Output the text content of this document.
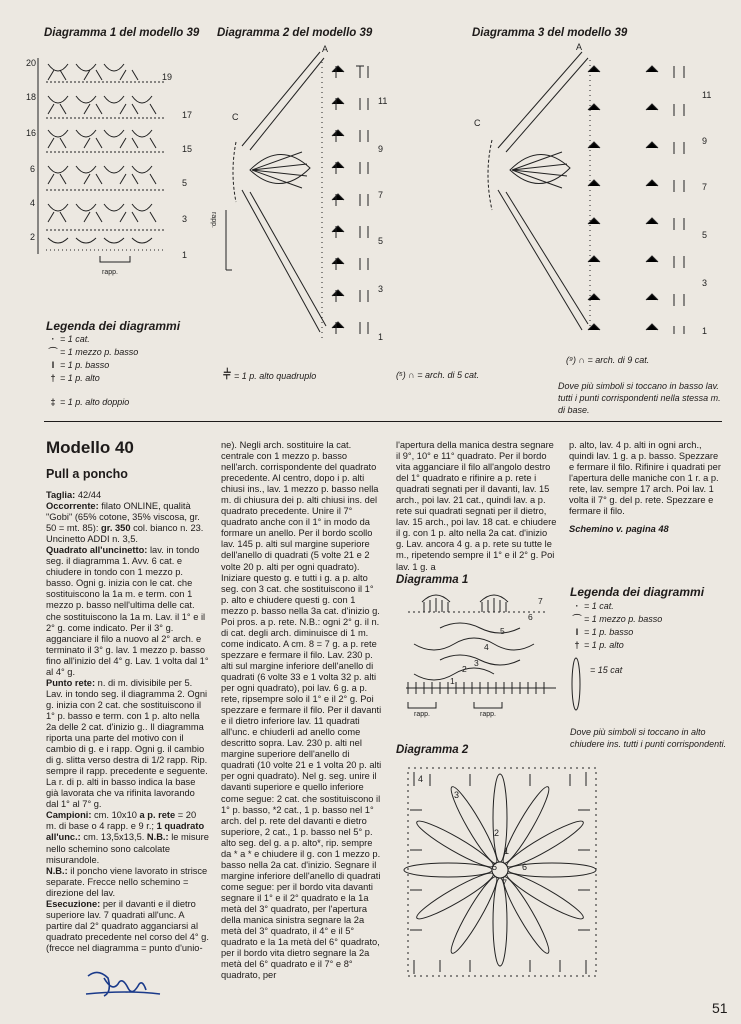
Diagramma 1 del modello 39 Diagramma 2 del modello 39	Diagramma 3 del modello 39
20
19
18
17
16
15
6
5
4
3
2
1
rapp.
A
C
11
9
7
5
3
1
rapp.
A
C
11
9
7
5
3
1
Legenda dei diagrammi
· = 1 cat.
⌒ = 1 mezzo p. basso
I = 1 p. basso
† = 1 p. alto
‡ = 1 p. alto doppio
⫩ = 1 p. alto quadruplo	(⁵) ∩ = arch. di 5 cat.
(⁹) ∩ = arch. di 9 cat.
Dove più simboli si toccano in basso lav. tutti i punti corrispondenti nella stessa m. di base.
Modello 40
Pull a poncho

Taglia: 42/44

Occorrente: filato ONLINE, qualità "Gobi" (65% cotone, 35% viscosa, gr. 50 = mt. 85): gr. 350 col. bianco n. 23. Uncinetto ADDI n. 3,5.

Quadrato all'uncinetto: lav. in tondo seg. il diagramma 1. Avv. 6 cat. e chiudere in tondo con 1 mezzo p. basso. Ogni g. inizia con le cat. che sostituiscono la 1a m. e term. con 1 mezzo p. basso nell'ultima delle cat. che sostituiscono la 1a m. Lav. il 1° e il 2° g. come indicato. Per il 3° g. agganciare il filo a nuovo al 2° arch. e terminato il 3° g. lav. 1 mezzo p. basso fino all'inizio del 4° g. Lav. 1 volta dal 1° al 4° g.

Punto rete: n. di m. divisibile per 5. Lav. in tondo seg. il diagramma 2. Ogni g. inizia con 2 cat. che sostituiscono il 1° p. basso e term. con 1 p. alto nella 2a delle 2 cat. d'inizio g.. Il diagramma riporta una parte del motivo con il cambio di g. e i rapp. Ogni g. il cambio di g. slitta verso destra di 1/2 rapp. Rip. sempre il rapp. precedente e seguente. La r. di p. alti in basso indica la base già lavorata che va rifinita lavorando dal 1° al 7° g.

Campioni: cm. 10x10 a p. rete = 20 m. di base o 4 rapp. e 9 r.; 1 quadrato all'unc.: cm. 13,5x13,5. N.B.: le misure nello schemino sono calcolate misurandole.

N.B.: il poncho viene lavorato in strisce separate. Frecce nello schemino = direzione del lav.

Esecuzione: per il davanti e il dietro superiore lav. 7 quadrati all'unc. A partire dal 2° quadrato agganciarsi al quadrato precedente nel corso del 4° g. (frecce nel diagramma = punto d'unio-

ne). Negli arch. sostituire la cat. centrale con 1 mezzo p. basso nell'arch. corrispondente del quadrato precedente. Al centro, dopo i p. alti chiusi ins., lav. 1 mezzo p. basso nella m. di chiusura dei p. alti chiusi ins. del quadrato precedente. Unire il 7° quadrato anche con il 1° in modo da formare un anello. Per il bordo scollo lav. 145 p. alti sul margine superiore dell'anello di quadrati (5 volte 21 e 2 volte 20 p. alti per ogni quadrato). Iniziare questo g. e tutti i g. a p. alto seg. con 3 cat. che sostituiscono il 1° p. alto e chiudere questi g. con 1 mezzo p. basso nella 3a cat. d'inizio g. Poi pros. a p. rete. N.B.: ogni 2° g. il n. di cat. degli arch. diminuisce di 1 m. come indicato. A cm. 8 = 7 g. a p. rete spezzare e fermare il filo. Lav. 230 p. alti sul margine inferiore dell'anello di quadrati (6 volte 33 e 1 volta 32 p. alti per ogni quadrato), poi lav. 6 g. a p. rete, ripsempre solo il 1° e il 2° g. Poi spezzare e fermare il filo. Per il davanti e il dietro inferiore lav. 11 quadrati all'unc. e chiuderli ad anello come descritto sopra. Lav. 230 p. alti nel margine superiore dell'anello di quadrati (10 volte 21 e 1 volta 20 p. alti per ogni quadrato). Nel g. seg. unire il davanti superiore e quello inferiore come segue: 2 cat. che sostituiscono il 1° p. basso, *2 cat., 1 p. basso nel 1° arch. del p. rete del davanti e dietro superiore, 2 cat., 1 p. basso nel 5° p. alto seg. del g. a p. alto*, rip. sempre da * a * e chiudere il g. con 1 mezzo p. basso nella 2a cat. d'inizio. Segnare il margine inferiore dell'anello di quadrati come segue: per il bordo vita davanti segnare il 1° e il 2° quadrato e la 1a metà del 3° quadrato, per l'apertura della manica sinistra segnare la 2a metà del 3° quadrato, il 4° e il 5° quadrato e la 1a metà del 6° quadrato, per il bordo vita dietro segnare la 2a metà del 6° quadrato e il 7° e 8° quadrato, per
l'apertura della manica destra segnare il 9°, 10° e 11° quadrato. Per il bordo vita agganciare il filo all'angolo destro del 1° quadrato e rifinire a p. rete i quadrati segnati per il davanti, lav. 15 arch., poi lav. 21 cat., quindi lav. a p. rete sui quadrati segnati per il dietro, lav. 15 arch., poi lav. 18 cat. e chiudere il g. con 1 p. alto nella 2a cat. d'inizio g. Lav. ancora 4 g. a p. rete su tutte le m., ripetendo sempre il 1° e il 2° g. Poi lav. 1 g. a
p. alto, lav. 4 p. alti in ogni arch., quindi lav. 1 g. a p. basso. Spezzare e fermare il filo. Rifinire i quadrati per l'apertura delle maniche con 1 r. a p. rete, lav. sempre 17 arch. Poi lav. 1 volta il 7° g. del p. rete. Spezzare e fermare il filo.
Schemino v. pagina 48
Diagramma 1
7
6
5
4
3
2
1
rapp.	rapp.
Legenda dei diagrammi
· = 1 cat.
⌒ = 1 mezzo p. basso
I = 1 p. basso
† = 1 p. alto
= 15 cat
Dove più simboli si toccano in alto chiudere ins. tutti i punti corrispondenti.
Diagramma 2
4
3
2
1
5	6
7
51
